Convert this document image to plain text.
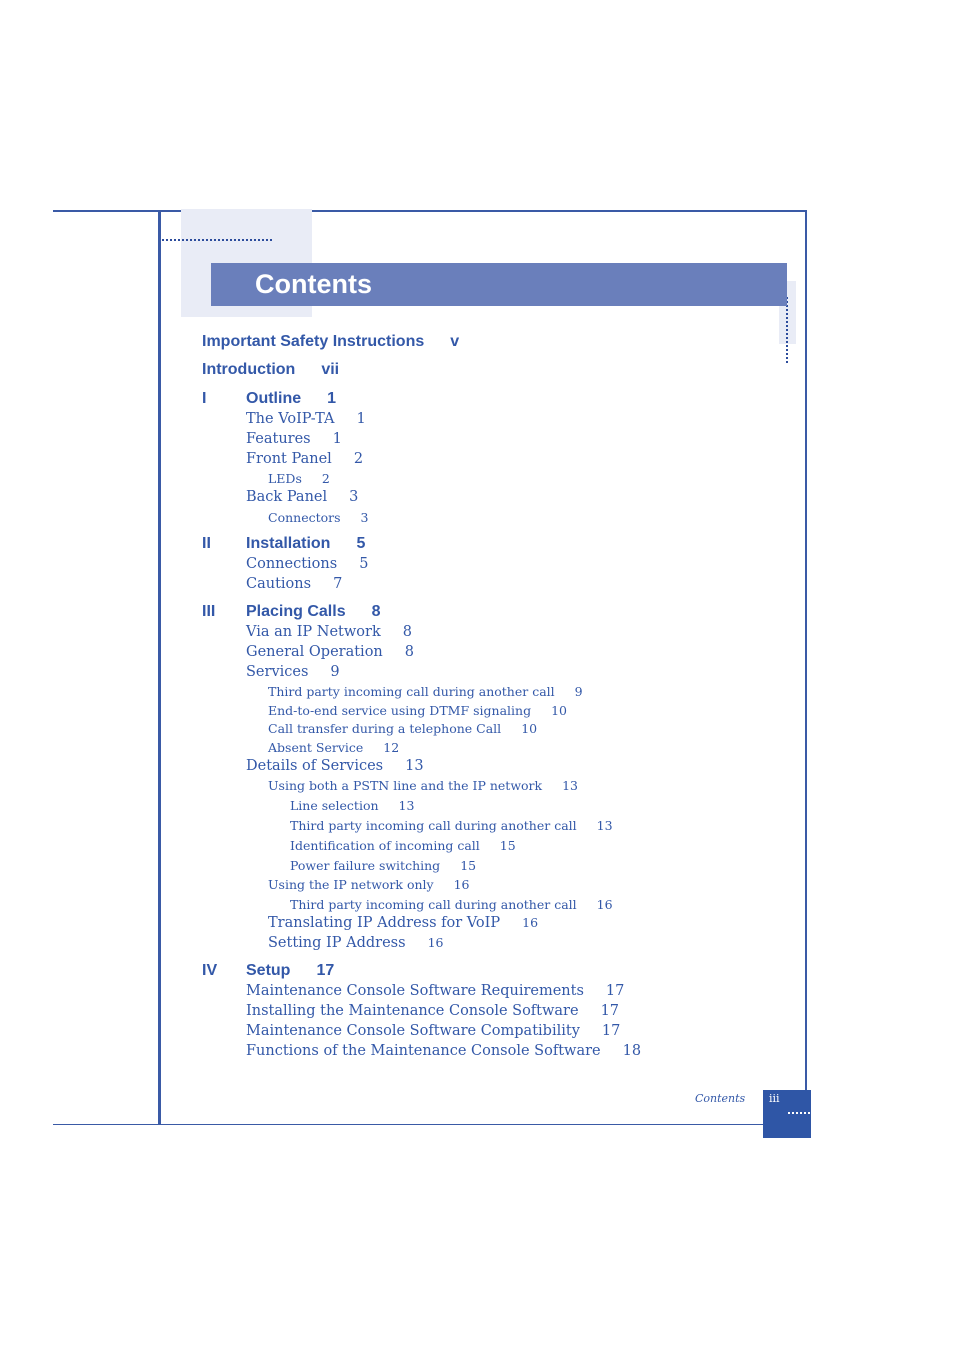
Contents
Important Safety Instructions v
Introduction vii
I Outline 1
The VoIP-TA 1
Features 1
Front Panel 2
LEDs 2
Back Panel 3
Connectors 3
II Installation 5
Connections 5
Cautions 7
III Placing Calls 8
Via an IP Network 8
General Operation 8
Services 9
Third party incoming call during another call 9
End-to-end service using DTMF signaling 10
Call transfer during a telephone Call 10
Absent Service 12
Details of Services 13
Using both a PSTN line and the IP network 13
Line selection 13
Third party incoming call during another call 13
Identification of incoming call 15
Power failure switching 15
Using the IP network only 16
Third party incoming call during another call 16
Translating IP Address for VoIP 16
Setting IP Address 16
IV Setup 17
Maintenance Console Software Requirements 17
Installing the Maintenance Console Software 17
Maintenance Console Software Compatibility 17
Functions of the Maintenance Console Software 18
Contents iii
